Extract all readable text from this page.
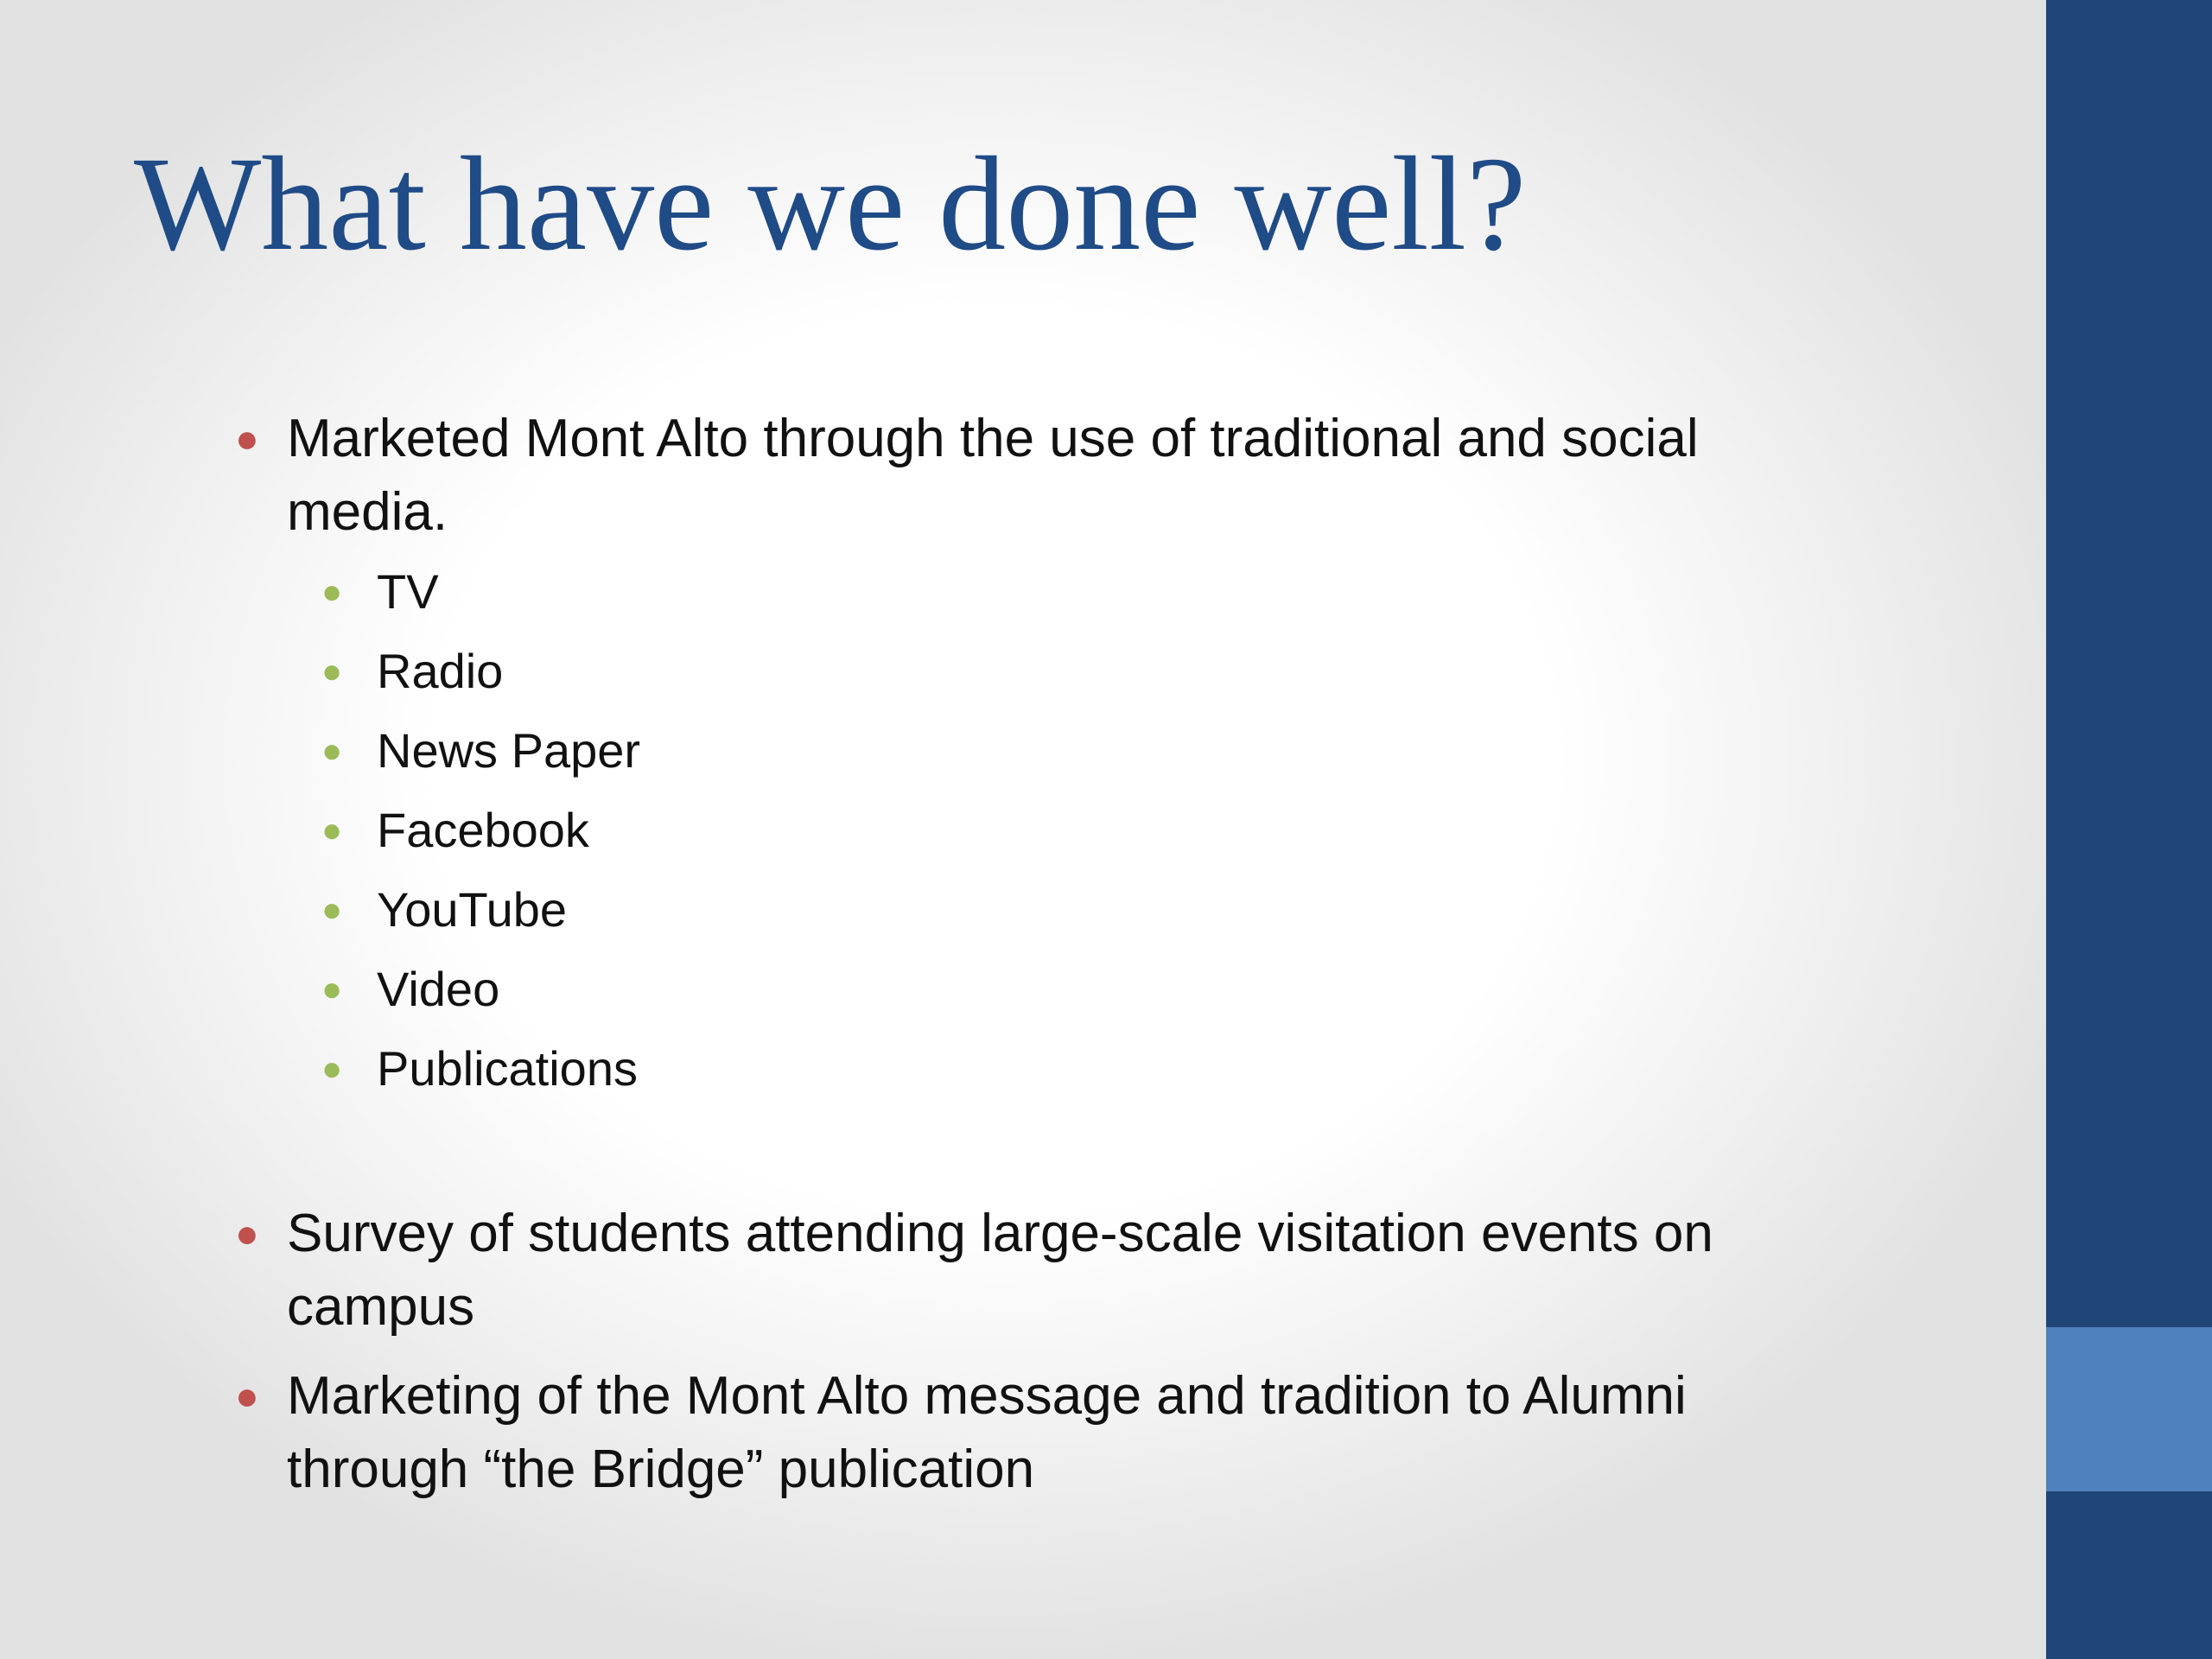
What have we done well?
● Marketed Mont Alto through the use of traditional and social media.
● TV
● Radio
● News Paper
● Facebook
● YouTube
● Video
● Publications
● Survey of students attending large-scale visitation events on campus
● Marketing of the Mont Alto message and tradition to Alumni through “the Bridge” publication
